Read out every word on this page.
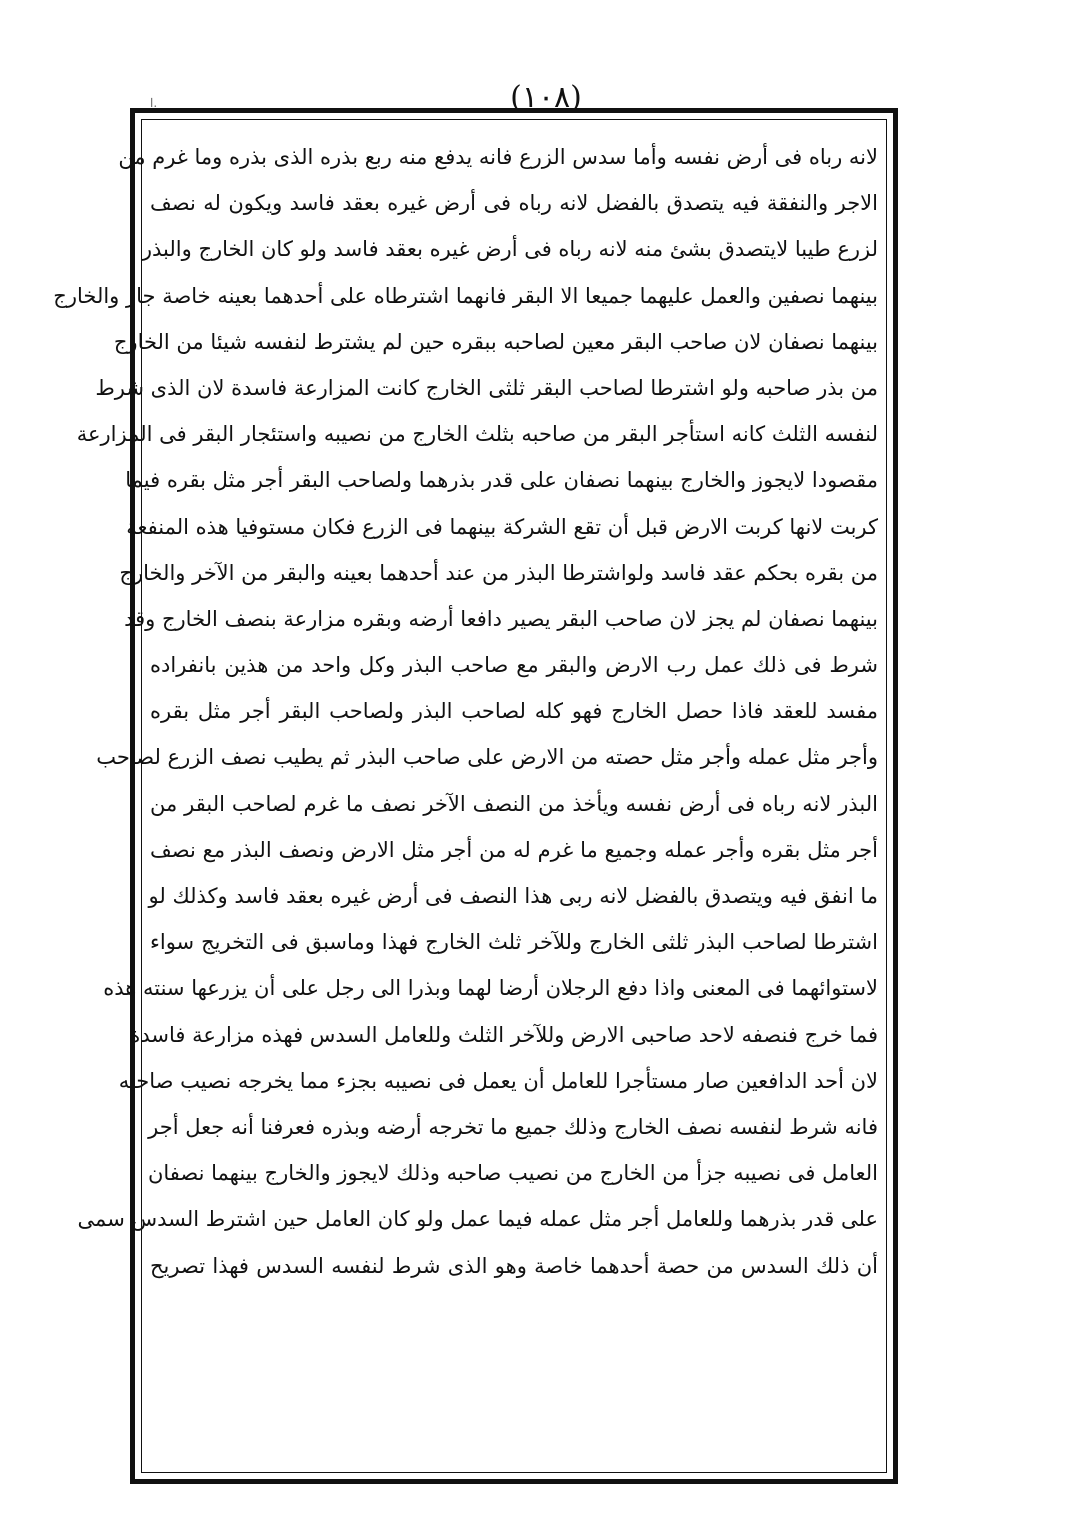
ا.	(١٠٨)
لانه رباه فى أرض نفسه وأما سدس الزرع فانه يدفع منه ربع بذره الذى بذره وما غرم من
الاجر والنفقة فيه يتصدق بالفضل لانه رباه فى أرض غيره بعقد فاسد ويكون له نصف
لزرع طيبا لايتصدق بشئ منه لانه رباه فى أرض غيره بعقد فاسد ولو كان الخارج والبذر
بينهما نصفين والعمل عليهما جميعا الا البقر فانهما اشترطاه على أحدهما بعينه خاصة جاز والخارج
بينهما نصفان لان صاحب البقر معين لصاحبه ببقره حين لم يشترط لنفسه شيئا من الخارج
من بذر صاحبه ولو اشترطا لصاحب البقر ثلثى الخارج كانت المزارعة فاسدة لان الذى شرط
لنفسه الثلث كانه استأجر البقر من صاحبه بثلث الخارج من نصيبه واستئجار البقر فى المزارعة
مقصودا لايجوز والخارج بينهما نصفان على قدر بذرهما ولصاحب البقر أجر مثل بقره فيما
كربت لانها كربت الارض قبل أن تقع الشركة بينهما فى الزرع فكان مستوفيا هذه المنفعة
من بقره بحكم عقد فاسد ولواشترطا البذر من عند أحدهما بعينه والبقر من الآخر والخارج
بينهما نصفان لم يجز لان صاحب البقر يصير دافعا أرضه وبقره مزارعة بنصف الخارج وقد
شرط فى ذلك عمل رب الارض والبقر مع صاحب البذر وكل واحد من هذين بانفراده
مفسد للعقد فاذا حصل الخارج فهو كله لصاحب البذر ولصاحب البقر أجر مثل بقره
وأجر مثل عمله وأجر مثل حصته من الارض على صاحب البذر ثم يطيب نصف الزرع لصاحب
البذر لانه رباه فى أرض نفسه ويأخذ من النصف الآخر نصف ما غرم لصاحب البقر من
أجر مثل بقره وأجر عمله وجميع ما غرم له من أجر مثل الارض ونصف البذر مع نصف
ما انفق فيه ويتصدق بالفضل لانه ربى هذا النصف فى أرض غيره بعقد فاسد وكذلك لو
اشترطا لصاحب البذر ثلثى الخارج وللآخر ثلث الخارج فهذا وماسبق فى التخريج سواء
لاستوائهما فى المعنى واذا دفع الرجلان أرضا لهما وبذرا الى رجل على أن يزرعها سنته هذه
فما خرج فنصفه لاحد صاحبى الارض وللآخر الثلث وللعامل السدس فهذه مزارعة فاسدة
لان أحد الدافعين صار مستأجرا للعامل أن يعمل فى نصيبه بجزء مما يخرجه نصيب صاحبه
فانه شرط لنفسه نصف الخارج وذلك جميع ما تخرجه أرضه وبذره فعرفنا أنه جعل أجر
العامل فى نصيبه جزأ من الخارج من نصيب صاحبه وذلك لايجوز والخارج بينهما نصفان
على قدر بذرهما وللعامل أجر مثل عمله فيما عمل ولو كان العامل حين اشترط السدس سمى
أن ذلك السدس من حصة أحدهما خاصة وهو الذى شرط لنفسه السدس فهذا تصريح
